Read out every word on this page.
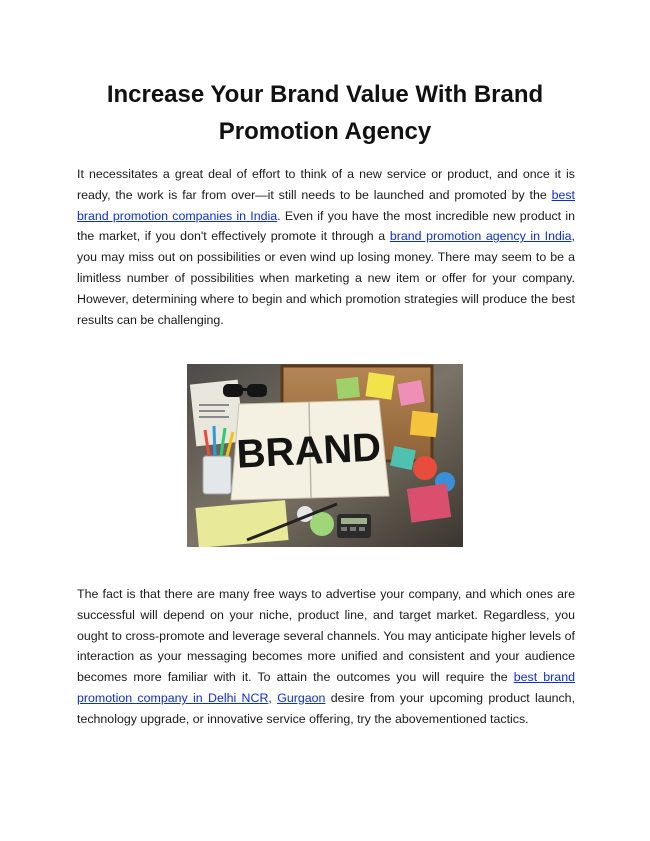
Increase Your Brand Value With Brand Promotion Agency

It necessitates a great deal of effort to think of a new service or product, and once it is ready, the work is far from over—it still needs to be launched and promoted by the best brand promotion companies in India. Even if you have the most incredible new product in the market, if you don't effectively promote it through a brand promotion agency in India, you may miss out on possibilities or even wind up losing money. There may seem to be a limitless number of possibilities when marketing a new item or offer for your company. However, determining where to begin and which promotion strategies will produce the best results can be challenging.

BRAND

The fact is that there are many free ways to advertise your company, and which ones are successful will depend on your niche, product line, and target market. Regardless, you ought to cross-promote and leverage several channels. You may anticipate higher levels of interaction as your messaging becomes more unified and consistent and your audience becomes more familiar with it. To attain the outcomes you will require the best brand promotion company in Delhi NCR, Gurgaon desire from your upcoming product launch, technology upgrade, or innovative service offering, try the abovementioned tactics.
